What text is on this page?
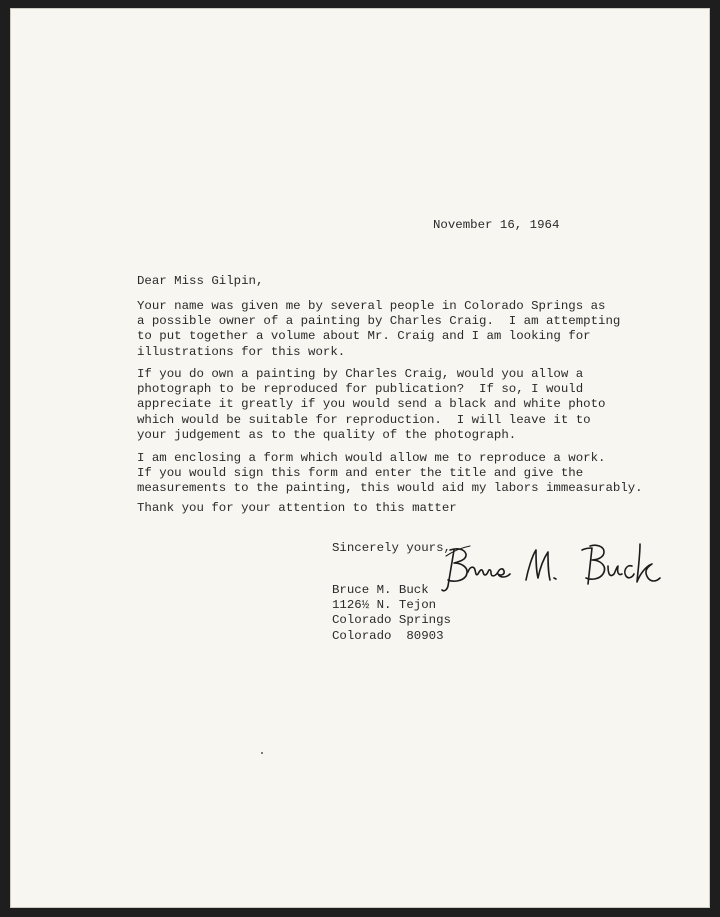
November 16, 1964
Dear Miss Gilpin,
Your name was given me by several people in Colorado Springs as
a possible owner of a painting by Charles Craig.  I am attempting
to put together a volume about Mr. Craig and I am looking for
illustrations for this work.
If you do own a painting by Charles Craig, would you allow a
photograph to be reproduced for publication?  If so, I would
appreciate it greatly if you would send a black and white photo
which would be suitable for reproduction.  I will leave it to
your judgement as to the quality of the photograph.
I am enclosing a form which would allow me to reproduce a work.
If you would sign this form and enter the title and give the
measurements to the painting, this would aid my labors immeasurably.
Thank you for your attention to this matter
Sincerely yours,
Bruce M. Buck
1126½ N. Tejon
Colorado Springs
Colorado  80903
